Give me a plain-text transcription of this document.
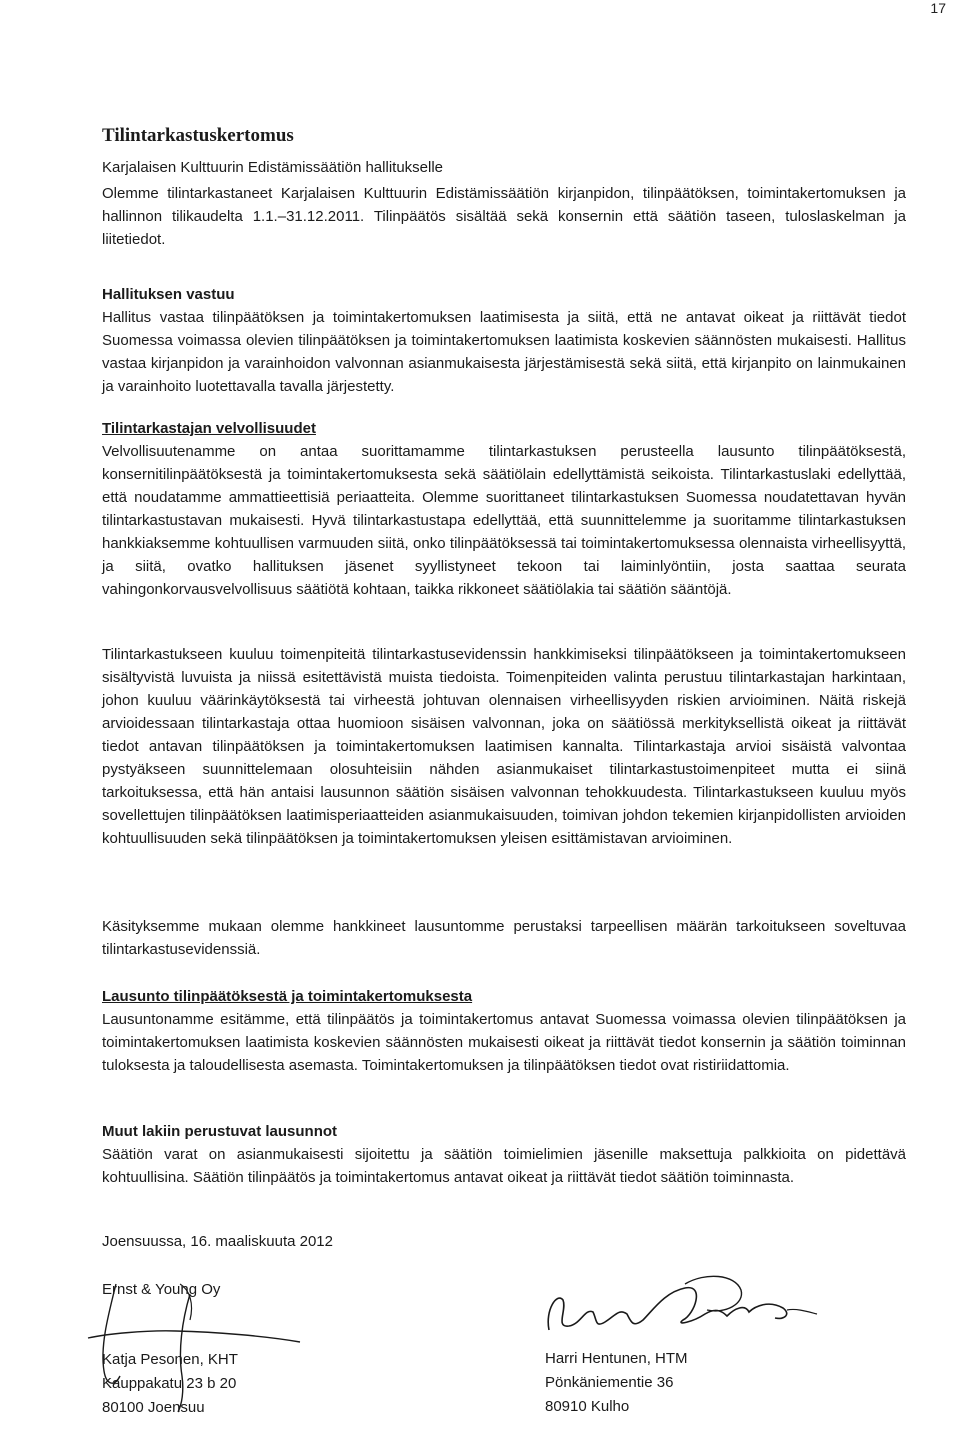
17
Tilintarkastuskertomus
Karjalaisen Kulttuurin Edistämissäätiön hallitukselle

Olemme tilintarkastaneet Karjalaisen Kulttuurin Edistämissäätiön kirjanpidon, tilinpäätöksen, toimintakertomuksen ja hallinnon tilikaudelta 1.1.–31.12.2011. Tilinpäätös sisältää sekä konsernin että säätiön taseen, tuloslaskelman ja liitetiedot.

Hallituksen vastuu

Hallitus vastaa tilinpäätöksen ja toimintakertomuksen laatimisesta ja siitä, että ne antavat oikeat ja riittävät tiedot Suomessa voimassa olevien tilinpäätöksen ja toimintakertomuksen laatimista koskevien säännösten mukaisesti. Hallitus vastaa kirjanpidon ja varainhoidon valvonnan asianmukaisesta järjestämisestä sekä siitä, että kirjanpito on lainmukainen ja varainhoito luotettavalla tavalla järjestetty.

Tilintarkastajan velvollisuudet

Velvollisuutenamme on antaa suorittamamme tilintarkastuksen perusteella lausunto tilinpäätöksestä, konsernitilinpäätöksestä ja toimintakertomuksesta sekä säätiölain edellyttämistä seikoista. Tilintarkastuslaki edellyttää, että noudatamme ammattieettisiä periaatteita. Olemme suorittaneet tilintarkastuksen Suomessa noudatettavan hyvän tilintarkastustavan mukaisesti. Hyvä tilintarkastustapa edellyttää, että suunnittelemme ja suoritamme tilintarkastuksen hankkiaksemme kohtuullisen varmuuden siitä, onko tilinpäätöksessä tai toimintakertomuksessa olennaista virheellisyyttä, ja siitä, ovatko hallituksen jäsenet syyllistyneet tekoon tai laiminlyöntiin, josta saattaa seurata vahingonkorvausvelvollisuus säätiötä kohtaan, taikka rikkoneet säätiölakia tai säätiön sääntöjä.

Tilintarkastukseen kuuluu toimenpiteitä tilintarkastusevidenssin hankkimiseksi tilinpäätökseen ja toimintakertomukseen sisältyvistä luvuista ja niissä esitettävistä muista tiedoista. Toimenpiteiden valinta perustuu tilintarkastajan harkintaan, johon kuuluu väärinkäytöksestä tai virheestä johtuvan olennaisen virheellisyyden riskien arvioiminen. Näitä riskejä arvioidessaan tilintarkastaja ottaa huomioon sisäisen valvonnan, joka on säätiössä merkityksellistä oikeat ja riittävät tiedot antavan tilinpäätöksen ja toimintakertomuksen laatimisen kannalta. Tilintarkastaja arvioi sisäistä valvontaa pystyäkseen suunnittelemaan olosuhteisiin nähden asianmukaiset tilintarkastustoimenpiteet mutta ei siinä tarkoituksessa, että hän antaisi lausunnon säätiön sisäisen valvonnan tehokkuudesta. Tilintarkastukseen kuuluu myös sovellettujen tilinpäätöksen laatimisperiaatteiden asianmukaisuuden, toimivan johdon tekemien kirjanpidollisten arvioiden kohtuullisuuden sekä tilinpäätöksen ja toimintakertomuksen yleisen esittämistavan arvioiminen.

Käsityksemme mukaan olemme hankkineet lausuntomme perustaksi tarpeellisen määrän tarkoitukseen soveltuvaa tilintarkastusevidenssiä.

Lausunto tilinpäätöksestä ja toimintakertomuksesta

Lausuntonamme esitämme, että tilinpäätös ja toimintakertomus antavat Suomessa voimassa olevien tilinpäätöksen ja toimintakertomuksen laatimista koskevien säännösten mukaisesti oikeat ja riittävät tiedot konsernin ja säätiön toiminnan tuloksesta ja taloudellisesta asemasta. Toimintakertomuksen ja tilinpäätöksen tiedot ovat ristiriidattomia.

Muut lakiin perustuvat lausunnot

Säätiön varat on asianmukaisesti sijoitettu ja säätiön toimielimien jäsenille maksettuja palkkioita on pidettävä kohtuullisina. Säätiön tilinpäätös ja toimintakertomus antavat oikeat ja riittävät tiedot säätiön toiminnasta.

Joensuussa, 16. maaliskuuta 2012
Ernst & Young Oy
Katja Pesonen, KHT
Kauppakatu 23 b 20
80100 Joensuu
Harri Hentunen, HTM
Pönkäniementie 36
80910 Kulho
